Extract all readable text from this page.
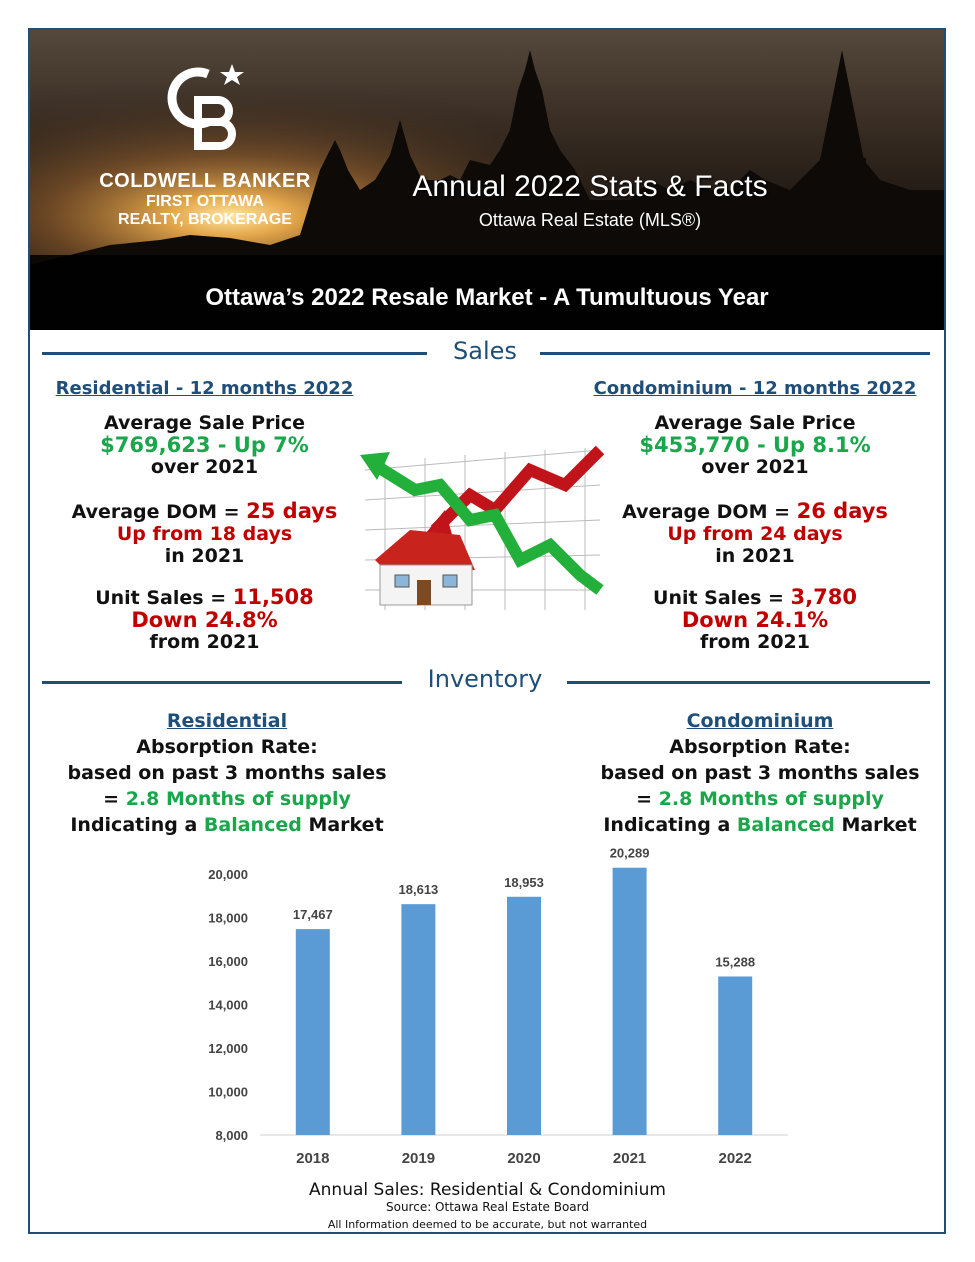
COLDWELL BANKER
FIRST OTTAWA
REALTY, BROKERAGE
Annual 2022 Stats & Facts
Ottawa Real Estate (MLS®)
Ottawa’s 2022 Resale Market - A Tumultuous Year
Sales
Residential - 12 months 2022
Average Sale Price
$769,623 - Up 7%
over 2021
Average DOM = 25 days
Up from 18 days
in 2021
Unit Sales = 11,508
Down 24.8%
from 2021
Condominium - 12 months 2022
Average Sale Price
$453,770 - Up 8.1%
over 2021
Average DOM = 26 days
Up from 24 days
in 2021
Unit Sales = 3,780
Down 24.1%
from 2021
Inventory
Residential
Absorption Rate:
based on past 3 months sales
= 2.8 Months of supply
Indicating a Balanced Market
Condominium
Absorption Rate:
based on past 3 months sales
= 2.8 Months of supply
Indicating a Balanced Market
8,000
10,000
12,000
14,000
16,000
18,000
20,000
17,467
2018
18,613
2019
18,953
2020
20,289
2021
15,288
2022
Annual Sales: Residential & Condominium
Source: Ottawa Real Estate Board
All Information deemed to be accurate, but not warranted
